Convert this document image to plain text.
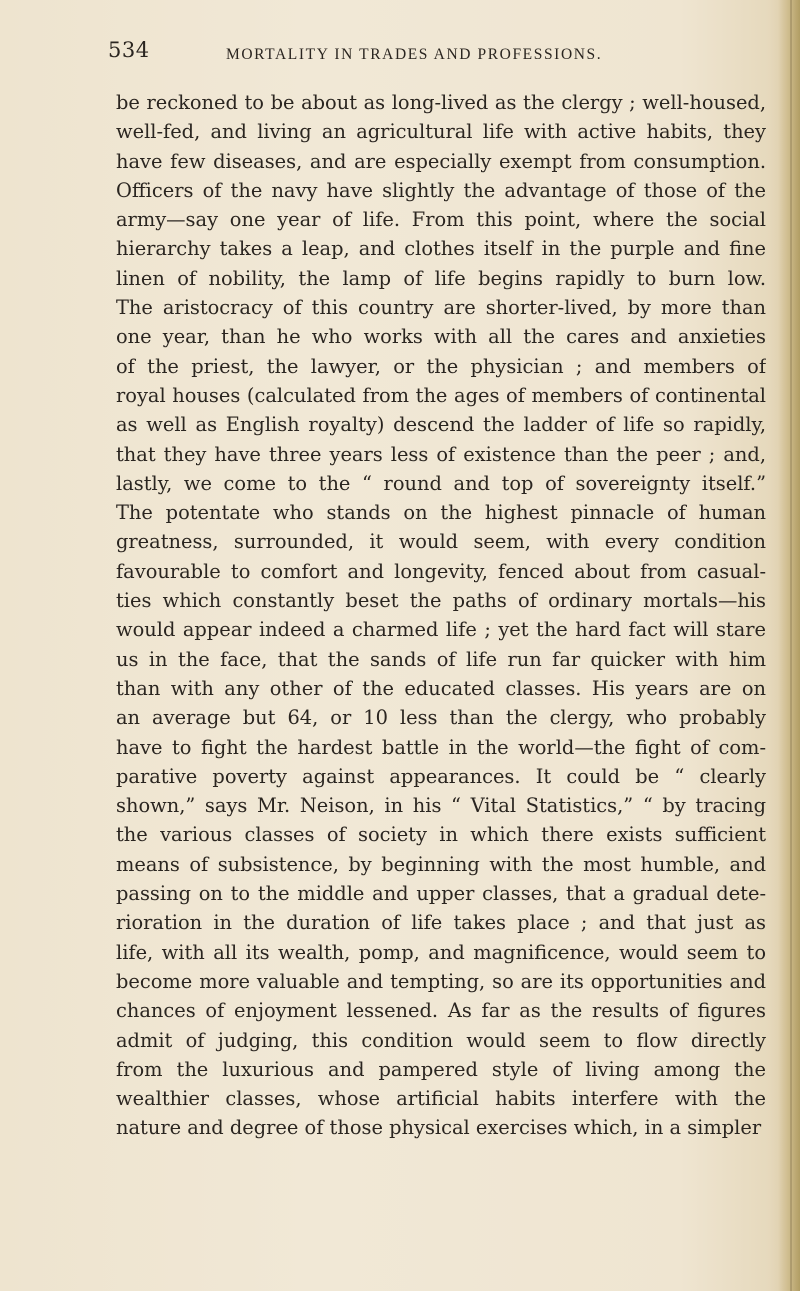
534	MORTALITY IN TRADES AND PROFESSIONS.
be reckoned to be about as long-lived as the clergy ; well-housed,
well-fed, and living an agricultural life with active habits, they
have few diseases, and are especially exempt from consumption.
Officers of the navy have slightly the advantage of those of the
army—say one year of life. From this point, where the social
hierarchy takes a leap, and clothes itself in the purple and fine
linen of nobility, the lamp of life begins rapidly to burn low.
The aristocracy of this country are shorter-lived, by more than
one year, than he who works with all the cares and anxieties
of the priest, the lawyer, or the physician ; and members of
royal houses (calculated from the ages of members of continental
as well as English royalty) descend the ladder of life so rapidly,
that they have three years less of existence than the peer ; and,
lastly, we come to the “ round and top of sovereignty itself.”
The potentate who stands on the highest pinnacle of human
greatness, surrounded, it would seem, with every condition
favourable to comfort and longevity, fenced about from casual-
ties which constantly beset the paths of ordinary mortals—his
would appear indeed a charmed life ; yet the hard fact will stare
us in the face, that the sands of life run far quicker with him
than with any other of the educated classes. His years are on
an average but 64, or 10 less than the clergy, who probably
have to fight the hardest battle in the world—the fight of com-
parative poverty against appearances. It could be “ clearly
shown,” says Mr. Neison, in his “ Vital Statistics,” “ by tracing
the various classes of society in which there exists sufficient
means of subsistence, by beginning with the most humble, and
passing on to the middle and upper classes, that a gradual dete-
rioration in the duration of life takes place ; and that just as
life, with all its wealth, pomp, and magnificence, would seem to
become more valuable and tempting, so are its opportunities and
chances of enjoyment lessened. As far as the results of figures
admit of judging, this condition would seem to flow directly
from the luxurious and pampered style of living among the
wealthier classes, whose artificial habits interfere with the
nature and degree of those physical exercises which, in a simpler
